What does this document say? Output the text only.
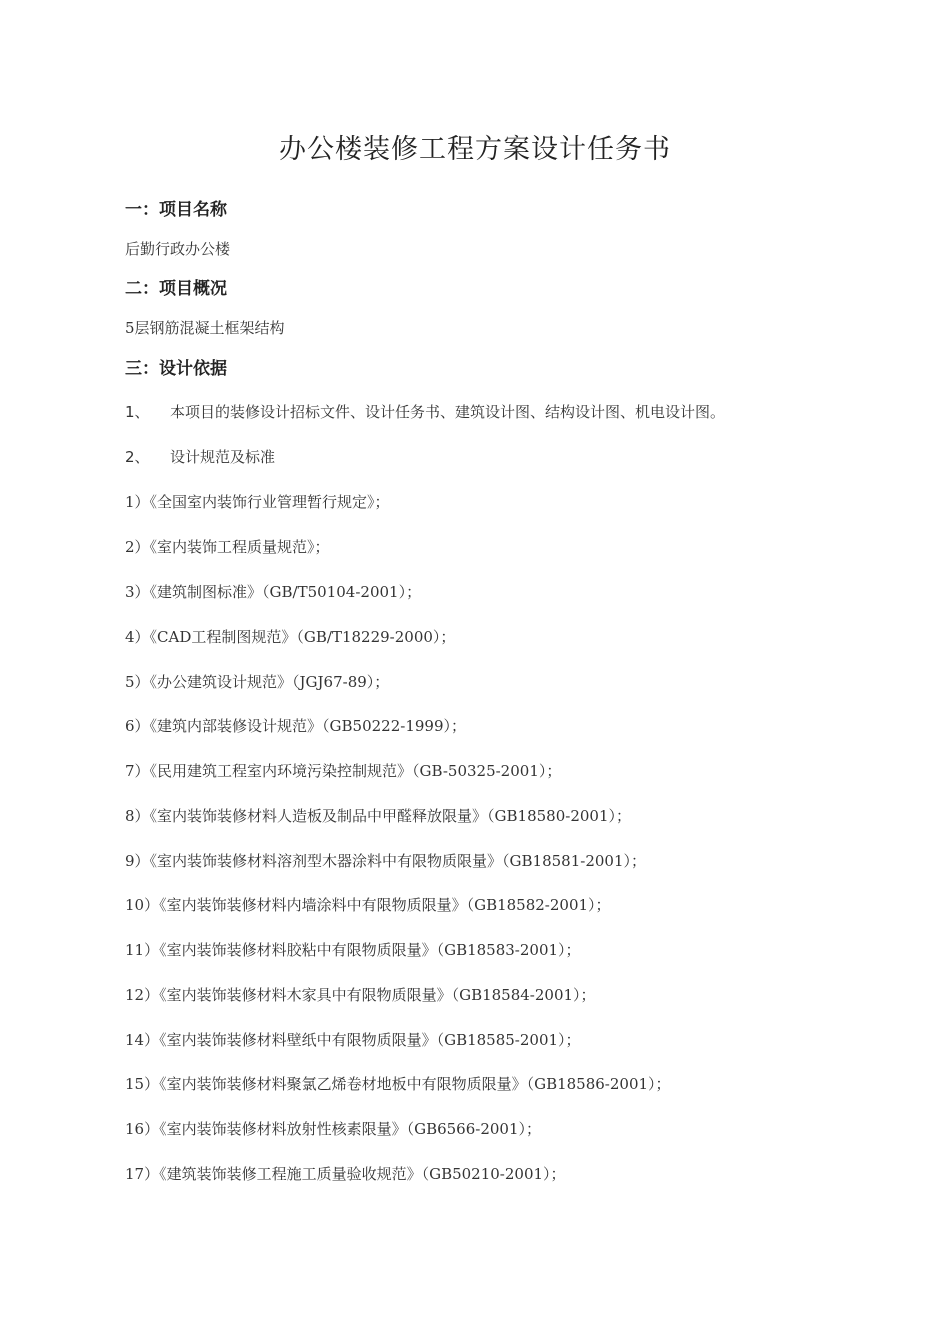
办公楼装修工程方案设计任务书
一：项目名称
后勤行政办公楼
二：项目概况
5层钢筋混凝土框架结构
三：设计依据
1、 本项目的装修设计招标文件、设计任务书、建筑设计图、结构设计图、机电设计图。
2、 设计规范及标准
1）《全国室内装饰行业管理暂行规定》；
2）《室内装饰工程质量规范》；
3）《建筑制图标准》（GB/T50104-2001）；
4）《CAD工程制图规范》（GB/T18229-2000）；
5）《办公建筑设计规范》（JGJ67-89）；
6）《建筑内部装修设计规范》（GB50222-1999）；
7）《民用建筑工程室内环境污染控制规范》（GB-50325-2001）；
8）《室内装饰装修材料人造板及制品中甲醛释放限量》（GB18580-2001）；
9）《室内装饰装修材料溶剂型木器涂料中有限物质限量》（GB18581-2001）；
10）《室内装饰装修材料内墙涂料中有限物质限量》（GB18582-2001）；
11）《室内装饰装修材料胶粘中有限物质限量》（GB18583-2001）；
12）《室内装饰装修材料木家具中有限物质限量》（GB18584-2001）；
14）《室内装饰装修材料壁纸中有限物质限量》（GB18585-2001）；
15）《室内装饰装修材料聚氯乙烯卷材地板中有限物质限量》（GB18586-2001）；
16）《室内装饰装修材料放射性核素限量》（GB6566-2001）；
17）《建筑装饰装修工程施工质量验收规范》（GB50210-2001）；
